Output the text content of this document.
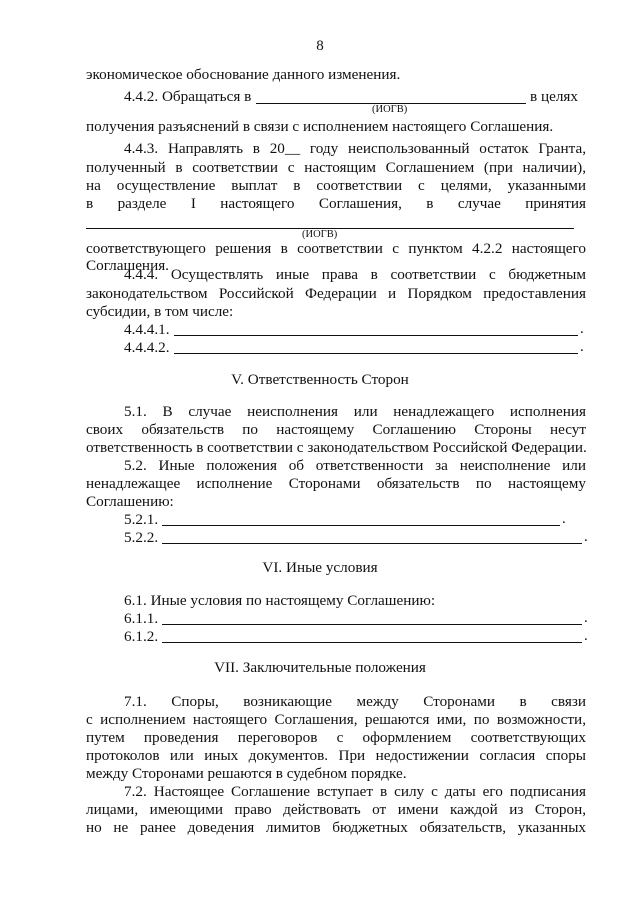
8
экономическое обоснование данного изменения.
4.4.2. Обращаться в	в целях
(ИОГВ)
получения разъяснений в связи с исполнением настоящего Соглашения.
4.4.3. Направлять в 20__ году неиспользованный остаток Гранта,
полученный в соответствии с настоящим Соглашением (при наличии),
на осуществление выплат в соответствии с целями, указанными
в разделе I настоящего Соглашения, в случае принятия
(ИОГВ)
соответствующего решения в соответствии с пунктом 4.2.2 настоящего
Соглашения.
4.4.4. Осуществлять иные права в соответствии с бюджетным
законодательством Российской Федерации и Порядком предоставления
субсидии, в том числе:
4.4.4.1.	.
4.4.4.2.	.
V. Ответственность Сторон
5.1. В случае неисполнения или ненадлежащего исполнения
своих обязательств по настоящему Соглашению Стороны несут
ответственность в соответствии с законодательством Российской Федерации.
5.2. Иные положения об ответственности за неисполнение или
ненадлежащее исполнение Сторонами обязательств по настоящему
Соглашению:
5.2.1.	.
5.2.2.	.
VI. Иные условия
6.1. Иные условия по настоящему Соглашению:
6.1.1.	.
6.1.2.	.
VII. Заключительные положения
7.1. Споры, возникающие между Сторонами в связи
с исполнением настоящего Соглашения, решаются ими, по возможности,
путем проведения переговоров с оформлением соответствующих
протоколов или иных документов. При недостижении согласия споры
между Сторонами решаются в судебном порядке.
7.2. Настоящее Соглашение вступает в силу с даты его подписания
лицами, имеющими право действовать от имени каждой из Сторон,
но не ранее доведения лимитов бюджетных обязательств, указанных
